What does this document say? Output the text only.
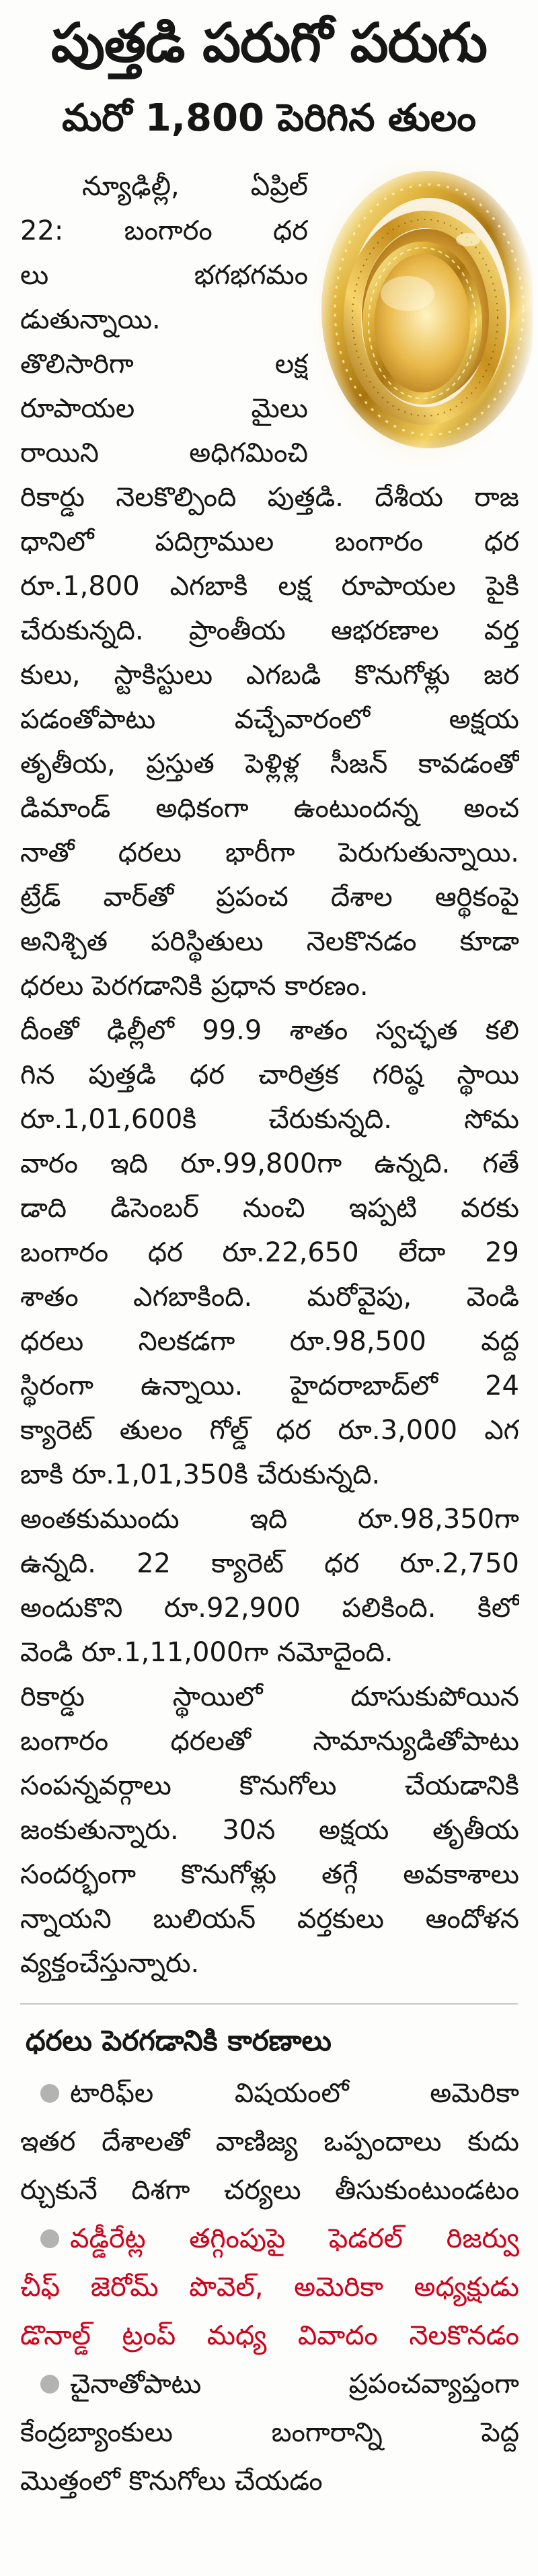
పుత్తడి పరుగో పరుగు
మరో 1,800 పెరిగిన తులం
న్యూఢిల్లీ, ఏప్రిల్
22: బంగారం ధర
లు భగభగమం
డుతున్నాయి.
తొలిసారిగా లక్ష
రూపాయల మైలు
రాయిని అధిగమించి
రికార్డు నెలకొల్పింది పుత్తడి. దేశీయ రాజ
ధానిలో పదిగ్రాముల బంగారం ధర
రూ.1,800 ఎగబాకి లక్ష రూపాయల పైకి
చేరుకున్నది. ప్రాంతీయ ఆభరణాల వర్త
కులు, స్టాకిస్టులు ఎగబడి కొనుగోళ్లు జర
పడంతోపాటు వచ్చేవారంలో అక్షయ
తృతీయ, ప్రస్తుత పెళ్లిళ్ల సీజన్ కావడంతో
డిమాండ్ అధికంగా ఉంటుందన్న అంచ
నాతో ధరలు భారీగా పెరుగుతున్నాయి.
ట్రేడ్ వార్‌తో ప్రపంచ దేశాల ఆర్థికంపై
అనిశ్చిత పరిస్థితులు నెలకొనడం కూడా
ధరలు పెరగడానికి ప్రధాన కారణం.
దీంతో ఢిల్లీలో 99.9 శాతం స్వచ్ఛత కలి
గిన పుత్తడి ధర చారిత్రక గరిష్ఠ స్థాయి
రూ.1,01,600కి చేరుకున్నది. సోమ
వారం ఇది రూ.99,800గా ఉన్నది. గతే
డాది డిసెంబర్ నుంచి ఇప్పటి వరకు
బంగారం ధర రూ.22,650 లేదా 29
శాతం ఎగబాకింది. మరోవైపు, వెండి
ధరలు నిలకడగా రూ.98,500 వద్ద
స్థిరంగా ఉన్నాయి. హైదరాబాద్‌లో 24
క్యారెట్ తులం గోల్డ్ ధర రూ.3,000 ఎగ
బాకి రూ.1,01,350కి చేరుకున్నది.
అంతకుముందు ఇది రూ.98,350గా
ఉన్నది. 22 క్యారెట్ ధర రూ.2,750
అందుకొని రూ.92,900 పలికింది. కిలో
వెండి రూ.1,11,000గా నమోదైంది.
రికార్డు స్థాయిలో దూసుకుపోయిన
బంగారం ధరలతో సామాన్యుడితోపాటు
సంపన్నవర్గాలు కొనుగోలు చేయడానికి
జంకుతున్నారు. 30న అక్షయ తృతీయ
సందర్భంగా కొనుగోళ్లు తగ్గే అవకాశాలు
న్నాయని బులియన్ వర్తకులు ఆందోళన
వ్యక్తంచేస్తున్నారు.
ధరలు పెరగడానికి కారణాలు
టారిఫ్‌ల విషయంలో అమెరికా
ఇతర దేశాలతో వాణిజ్య ఒప్పందాలు కుదు
ర్చుకునే దిశగా చర్యలు తీసుకుంటుండటం
వడ్డీరేట్ల తగ్గింపుపై ఫెడరల్ రిజర్వు
చీఫ్ జెరోమ్ పొవెల్, అమెరికా అధ్యక్షుడు
డొనాల్డ్ ట్రంప్ మధ్య వివాదం నెలకొనడం
చైనాతోపాటు ప్రపంచవ్యాప్తంగా
కేంద్రబ్యాంకులు బంగారాన్ని పెద్ద
మొత్తంలో కొనుగోలు చేయడం
